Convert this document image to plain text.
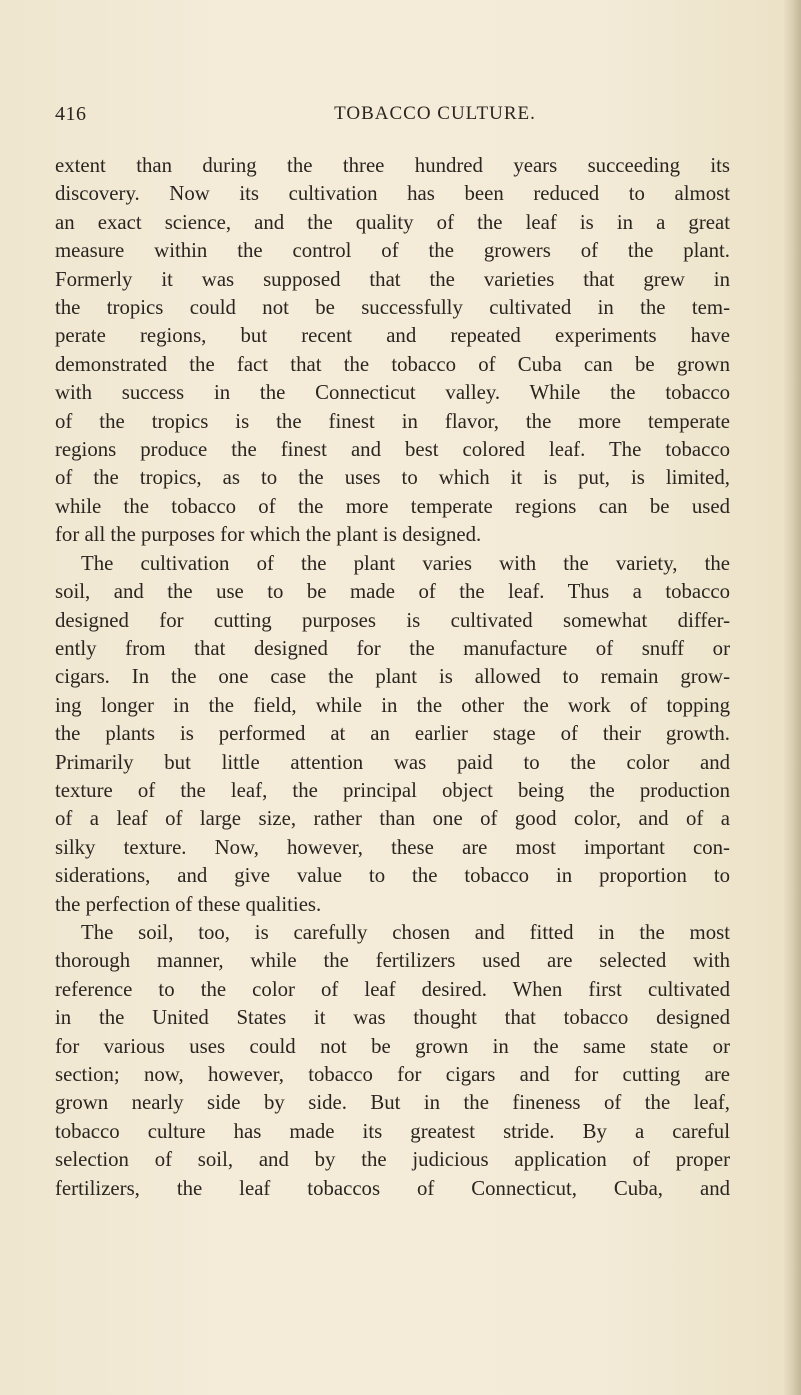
416	TOBACCO CULTURE.

extent than during the three hundred years succeeding its

discovery. Now its cultivation has been reduced to almost

an exact science, and the quality of the leaf is in a great

measure within the control of the growers of the plant.

Formerly it was supposed that the varieties that grew in

the tropics could not be successfully cultivated in the tem-

perate regions, but recent and repeated experiments have

demonstrated the fact that the tobacco of Cuba can be grown

with success in the Connecticut valley. While the tobacco

of the tropics is the finest in flavor, the more temperate

regions produce the finest and best colored leaf. The tobacco

of the tropics, as to the uses to which it is put, is limited,

while the tobacco of the more temperate regions can be used

for all the purposes for which the plant is designed.

The cultivation of the plant varies with the variety, the

soil, and the use to be made of the leaf. Thus a tobacco

designed for cutting purposes is cultivated somewhat differ-

ently from that designed for the manufacture of snuff or

cigars. In the one case the plant is allowed to remain grow-

ing longer in the field, while in the other the work of topping

the plants is performed at an earlier stage of their growth.

Primarily but little attention was paid to the color and

texture of the leaf, the principal object being the production

of a leaf of large size, rather than one of good color, and of a

silky texture. Now, however, these are most important con-

siderations, and give value to the tobacco in proportion to

the perfection of these qualities.

The soil, too, is carefully chosen and fitted in the most

thorough manner, while the fertilizers used are selected with

reference to the color of leaf desired. When first cultivated

in the United States it was thought that tobacco designed

for various uses could not be grown in the same state or

section; now, however, tobacco for cigars and for cutting are

grown nearly side by side. But in the fineness of the leaf,

tobacco culture has made its greatest stride. By a careful

selection of soil, and by the judicious application of proper

fertilizers, the leaf tobaccos of Connecticut, Cuba, and
